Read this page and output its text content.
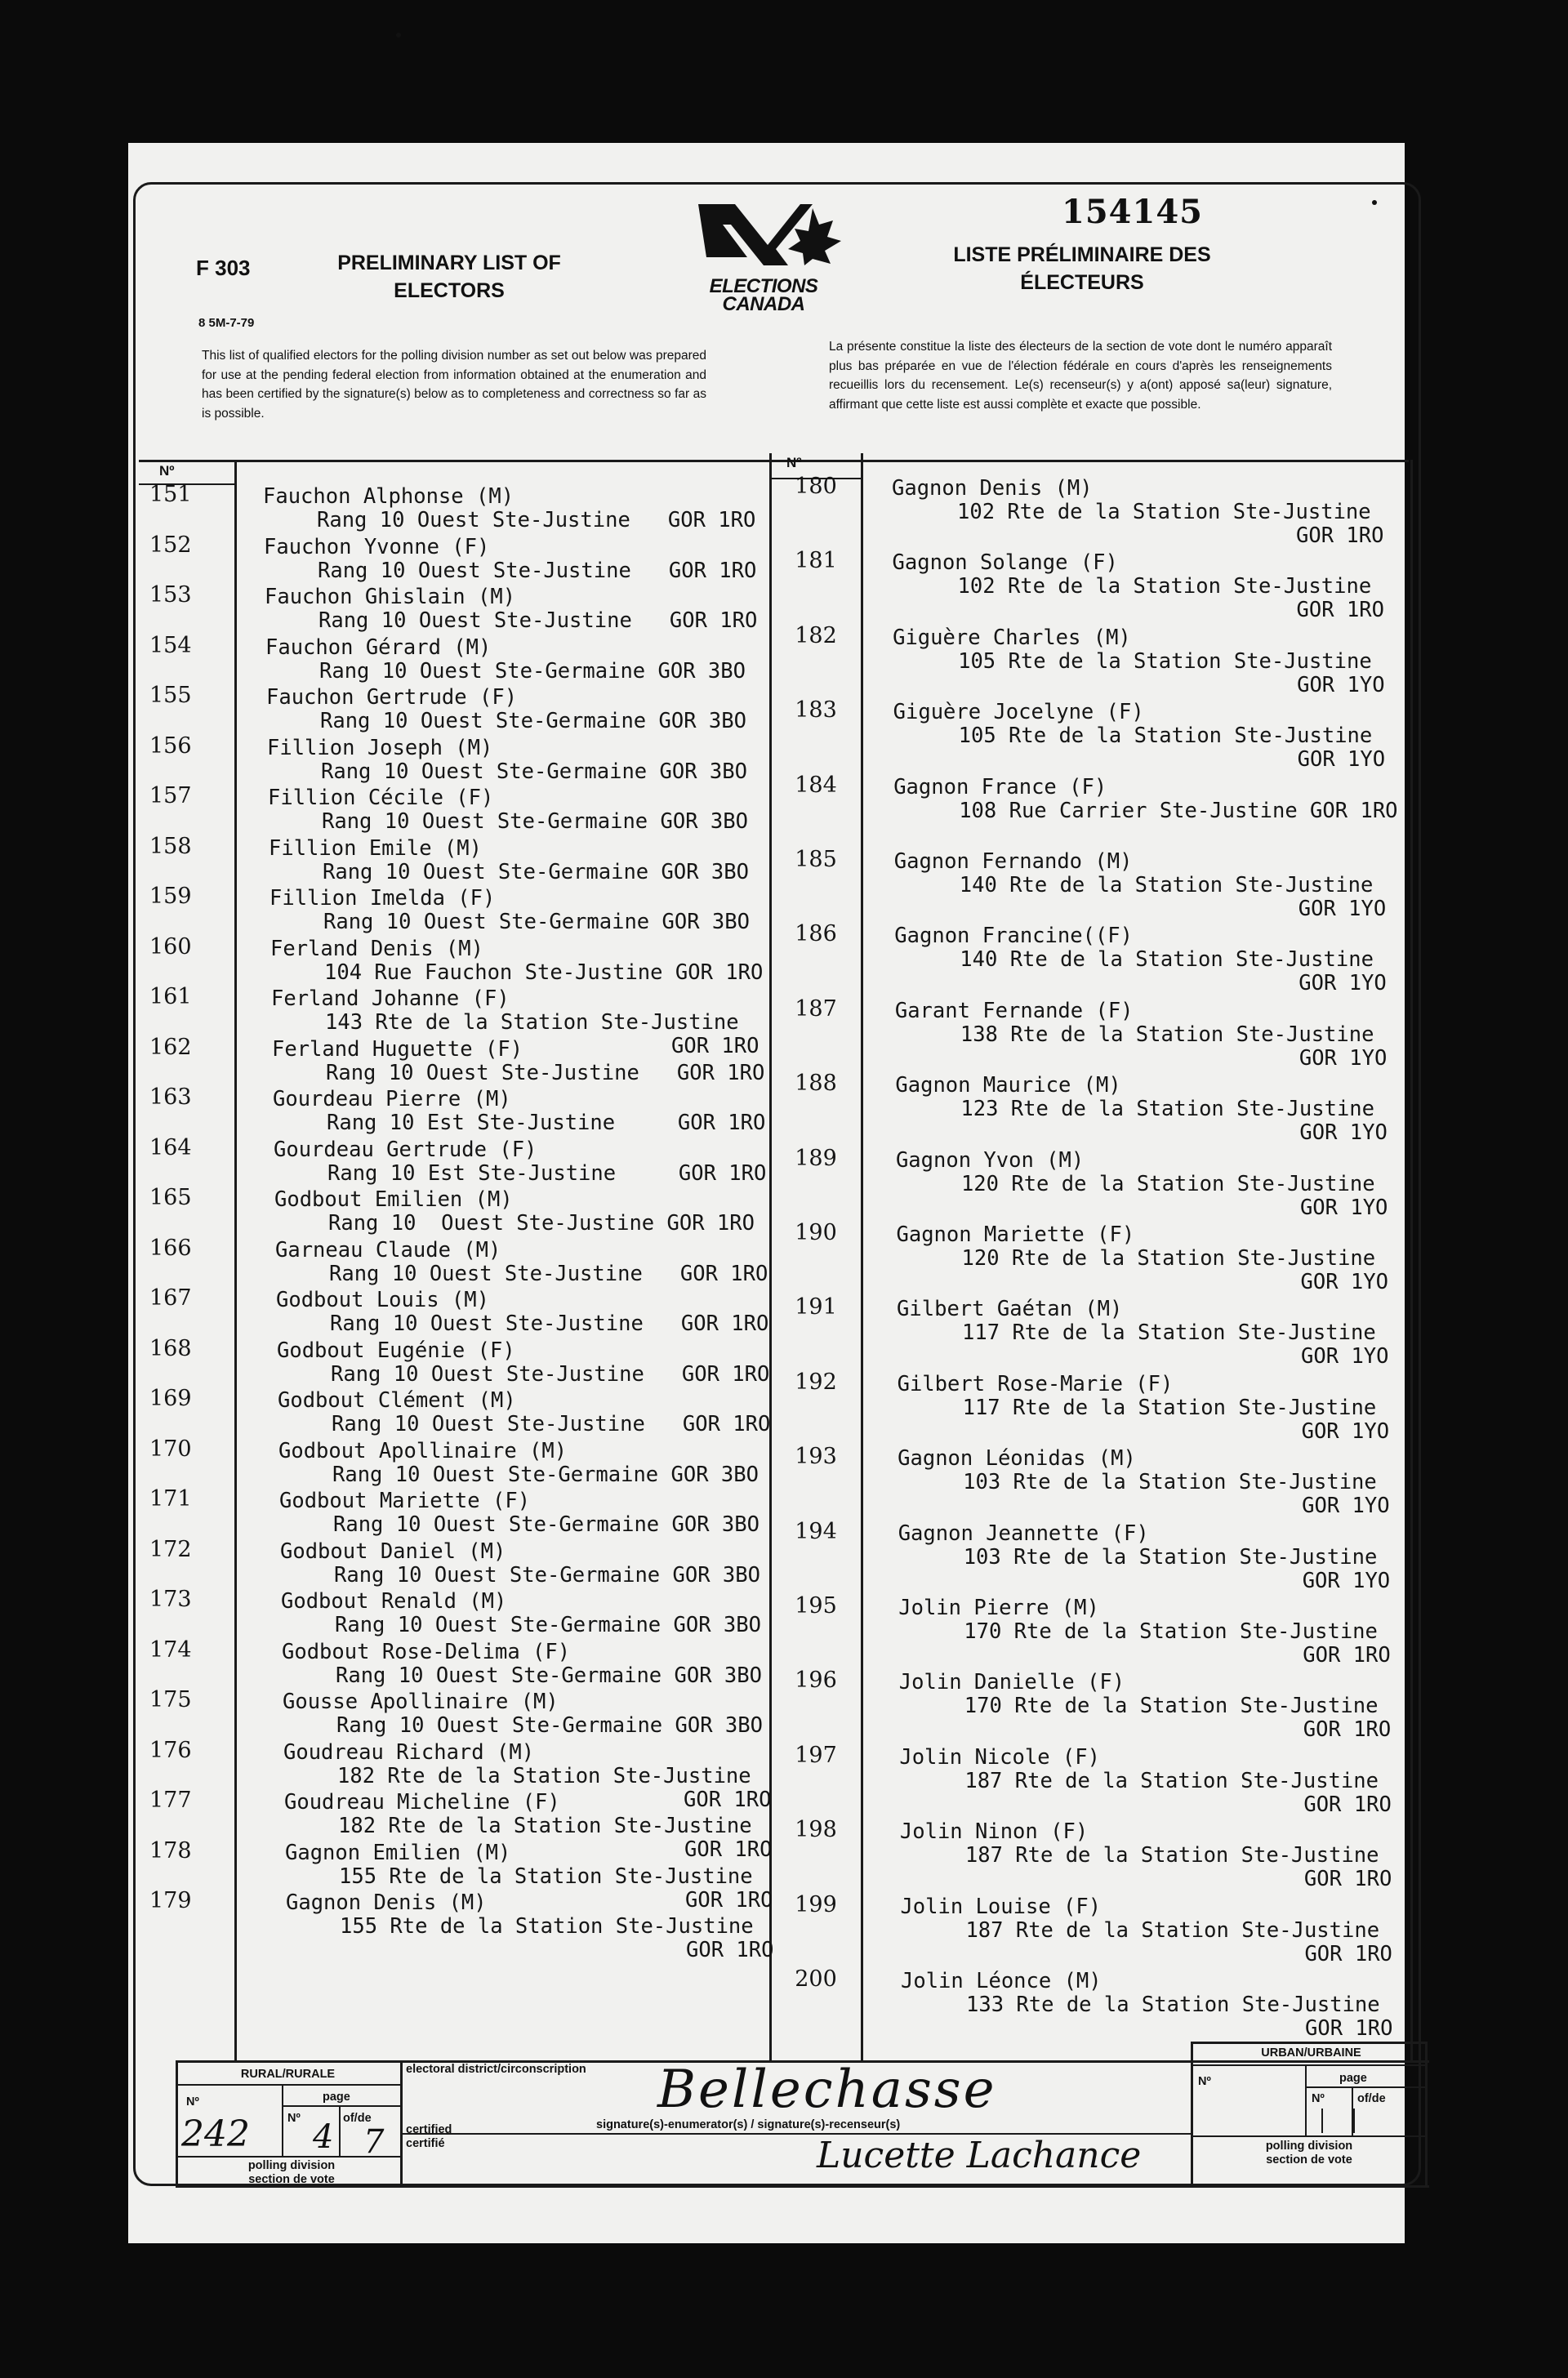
F 303
8 5M-7-79
PRELIMINARY LIST OF ELECTORS
LISTE PRÉLIMINAIRE DES ÉLECTEURS
154145
ELECTIONS
CANADA
This list of qualified electors for the polling division number as set out below was prepared for use at the pending federal election from information obtained at the enumeration and has been certified by the signature(s) below as to completeness and correctness so far as is possible.
La présente constitue la liste des électeurs de la section de vote dont le numéro apparaît plus bas préparée en vue de l'élection fédérale en cours d'après les renseignements recueillis lors du recensement. Le(s) recenseur(s) y a(ont) apposé sa(leur) signature, affirmant que cette liste est aussi complète et exacte que possible.
Nº
Nº
151	Fauchon Alphonse (M)
Rang 10 Ouest Ste-Justine   GOR 1RO
152	Fauchon Yvonne (F)
Rang 10 Ouest Ste-Justine   GOR 1RO
153	Fauchon Ghislain (M)
Rang 10 Ouest Ste-Justine   GOR 1RO
154	Fauchon Gérard (M)
Rang 10 Ouest Ste-Germaine GOR 3BO
155	Fauchon Gertrude (F)
Rang 10 Ouest Ste-Germaine GOR 3BO
156	Fillion Joseph (M)
Rang 10 Ouest Ste-Germaine GOR 3BO
157	Fillion Cécile (F)
Rang 10 Ouest Ste-Germaine GOR 3BO
158	Fillion Emile (M)
Rang 10 Ouest Ste-Germaine GOR 3BO
159	Fillion Imelda (F)
Rang 10 Ouest Ste-Germaine GOR 3BO
160	Ferland Denis (M)
104 Rue Fauchon Ste-Justine GOR 1RO
161	Ferland Johanne (F)
143 Rte de la Station Ste-Justine
GOR 1RO
162	Ferland Huguette (F)
Rang 10 Ouest Ste-Justine   GOR 1RO
163	Gourdeau Pierre (M)
Rang 10 Est Ste-Justine     GOR 1RO
164	Gourdeau Gertrude (F)
Rang 10 Est Ste-Justine     GOR 1RO
165	Godbout Emilien (M)
Rang 10  Ouest Ste-Justine GOR 1RO
166	Garneau Claude (M)
Rang 10 Ouest Ste-Justine   GOR 1RO
167	Godbout Louis (M)
Rang 10 Ouest Ste-Justine   GOR 1RO
168	Godbout Eugénie (F)
Rang 10 Ouest Ste-Justine   GOR 1RO
169	Godbout Clément (M)
Rang 10 Ouest Ste-Justine   GOR 1RO
170	Godbout Apollinaire (M)
Rang 10 Ouest Ste-Germaine GOR 3BO
171	Godbout Mariette (F)
Rang 10 Ouest Ste-Germaine GOR 3BO
172	Godbout Daniel (M)
Rang 10 Ouest Ste-Germaine GOR 3BO
173	Godbout Renald (M)
Rang 10 Ouest Ste-Germaine GOR 3BO
174	Godbout Rose-Delima (F)
Rang 10 Ouest Ste-Germaine GOR 3BO
175	Gousse Apollinaire (M)
Rang 10 Ouest Ste-Germaine GOR 3BO
176	Goudreau Richard (M)
182 Rte de la Station Ste-Justine
GOR 1RO
177	Goudreau Micheline (F)
182 Rte de la Station Ste-Justine
GOR 1RO
178	Gagnon Emilien (M)
155 Rte de la Station Ste-Justine
GOR 1RO
179	Gagnon Denis (M)
155 Rte de la Station Ste-Justine
GOR 1RO
180	Gagnon Denis (M)
102 Rte de la Station Ste-Justine
GOR 1RO
181	Gagnon Solange (F)
102 Rte de la Station Ste-Justine
GOR 1RO
182	Giguère Charles (M)
105 Rte de la Station Ste-Justine
GOR 1YO
183	Giguère Jocelyne (F)
105 Rte de la Station Ste-Justine
GOR 1YO
184	Gagnon France (F)
108 Rue Carrier Ste-Justine GOR 1RO
185	Gagnon Fernando (M)
140 Rte de la Station Ste-Justine
GOR 1YO
186	Gagnon Francine((F)
140 Rte de la Station Ste-Justine
GOR 1YO
187	Garant Fernande (F)
138 Rte de la Station Ste-Justine
GOR 1YO
188	Gagnon Maurice (M)
123 Rte de la Station Ste-Justine
GOR 1YO
189	Gagnon Yvon (M)
120 Rte de la Station Ste-Justine
GOR 1YO
190	Gagnon Mariette (F)
120 Rte de la Station Ste-Justine
GOR 1YO
191	Gilbert Gaétan (M)
117 Rte de la Station Ste-Justine
GOR 1YO
192	Gilbert Rose-Marie (F)
117 Rte de la Station Ste-Justine
GOR 1YO
193	Gagnon Léonidas (M)
103 Rte de la Station Ste-Justine
GOR 1YO
194	Gagnon Jeannette (F)
103 Rte de la Station Ste-Justine
GOR 1YO
195	Jolin Pierre (M)
170 Rte de la Station Ste-Justine
GOR 1RO
196	Jolin Danielle (F)
170 Rte de la Station Ste-Justine
GOR 1RO
197	Jolin Nicole (F)
187 Rte de la Station Ste-Justine
GOR 1RO
198	Jolin Ninon (F)
187 Rte de la Station Ste-Justine
GOR 1RO
199	Jolin Louise (F)
187 Rte de la Station Ste-Justine
GOR 1RO
200	Jolin Léonce (M)
133 Rte de la Station Ste-Justine
GOR 1RO
RURAL/RURALE
URBAN/URBAINE
Nº
Nº
page
page
Nº
Nº
of/de
of/de
polling division
section de vote
polling division
section de vote
electoral district/circonscription Bellechasse
certified
certifié
signature(s)-enumerator(s) / signature(s)-recenseur(s)
Lucette Lachance
242 4 7
